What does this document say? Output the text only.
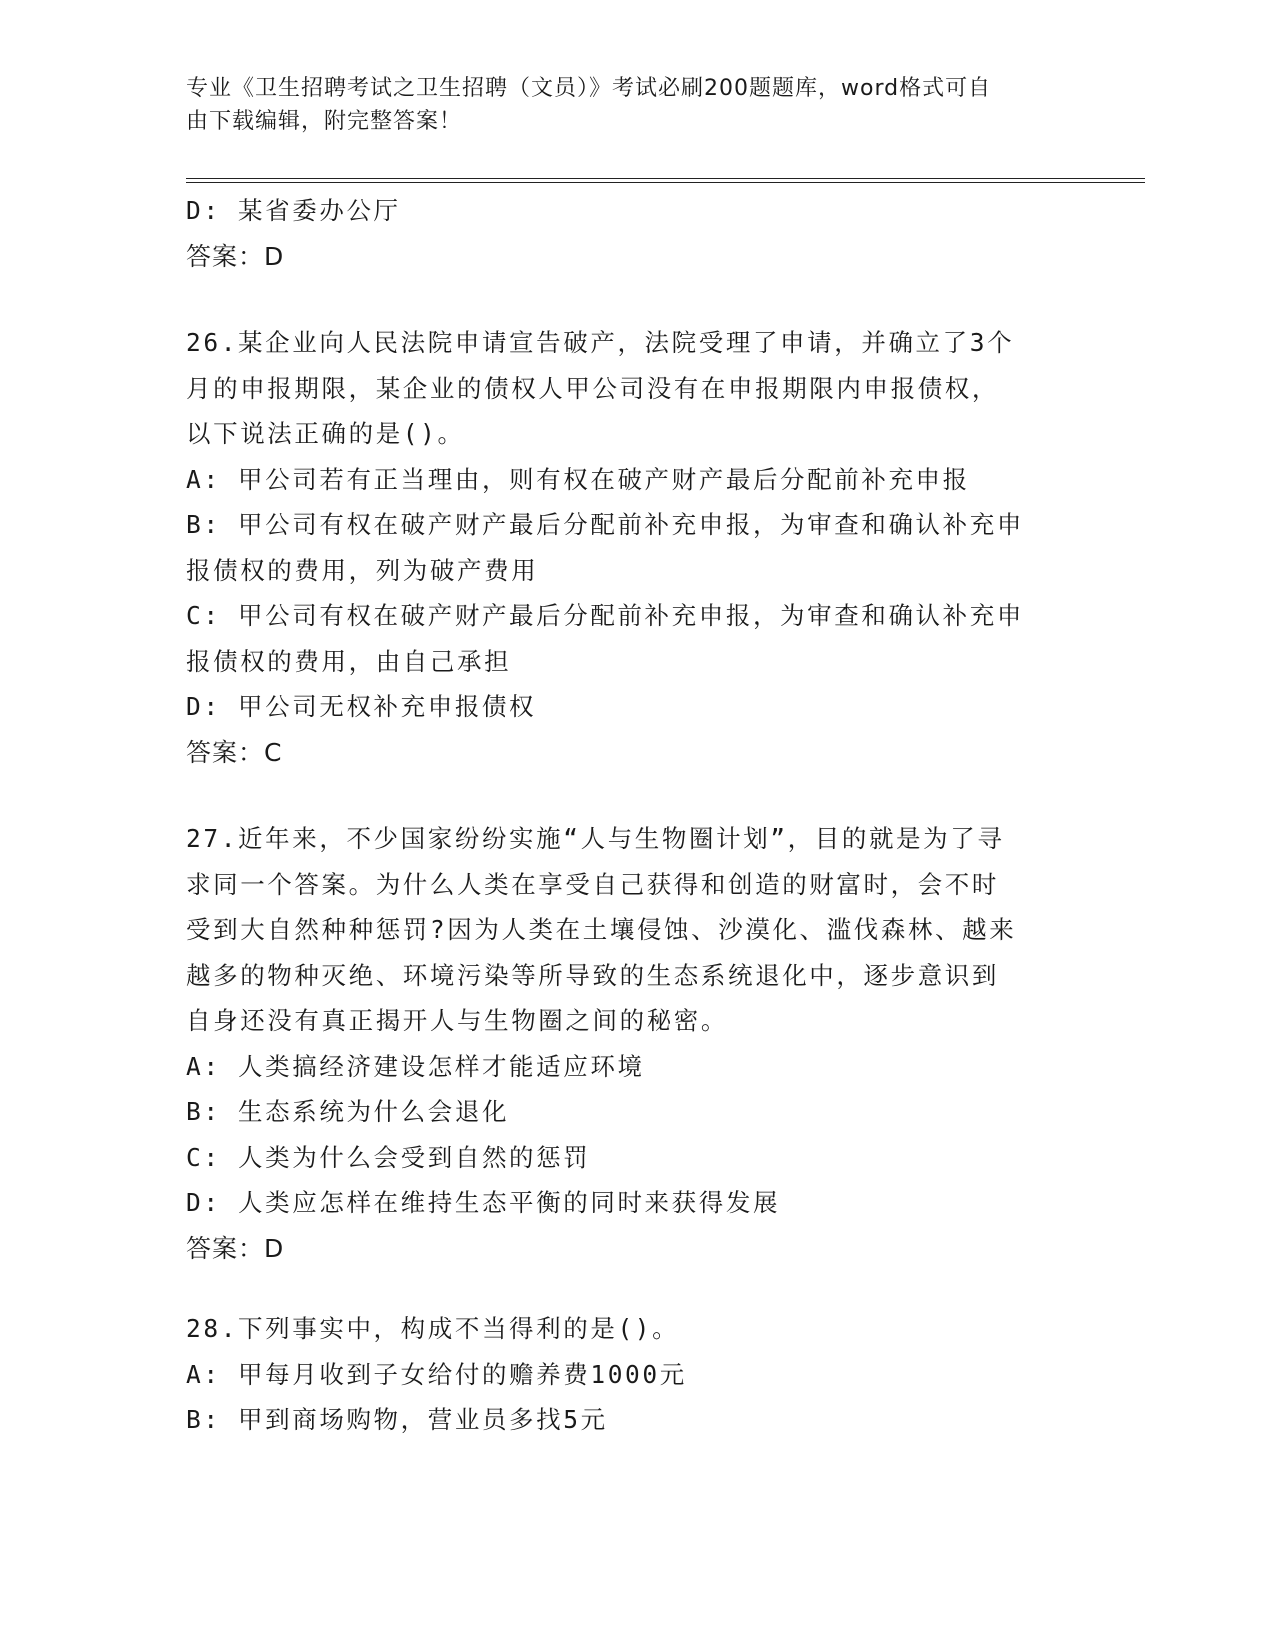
专业《卫生招聘考试之卫生招聘（文员）》考试必刷200题题库，word格式可自
由下载编辑，附完整答案！
D: 某省委办公厅
答案：D
26.某企业向人民法院申请宣告破产，法院受理了申请，并确立了3个
月的申报期限，某企业的债权人甲公司没有在申报期限内申报债权，
以下说法正确的是()。
A: 甲公司若有正当理由，则有权在破产财产最后分配前补充申报
B: 甲公司有权在破产财产最后分配前补充申报，为审查和确认补充申
报债权的费用，列为破产费用
C: 甲公司有权在破产财产最后分配前补充申报，为审查和确认补充申
报债权的费用，由自己承担
D: 甲公司无权补充申报债权
答案：C
27.近年来，不少国家纷纷实施“人与生物圈计划”，目的就是为了寻
求同一个答案。为什么人类在享受自己获得和创造的财富时，会不时
受到大自然种种惩罚?因为人类在土壤侵蚀、沙漠化、滥伐森林、越来
越多的物种灭绝、环境污染等所导致的生态系统退化中，逐步意识到
自身还没有真正揭开人与生物圈之间的秘密。
A: 人类搞经济建设怎样才能适应环境
B: 生态系统为什么会退化
C: 人类为什么会受到自然的惩罚
D: 人类应怎样在维持生态平衡的同时来获得发展
答案：D
28.下列事实中，构成不当得利的是()。
A: 甲每月收到子女给付的赡养费1000元
B: 甲到商场购物，营业员多找5元
